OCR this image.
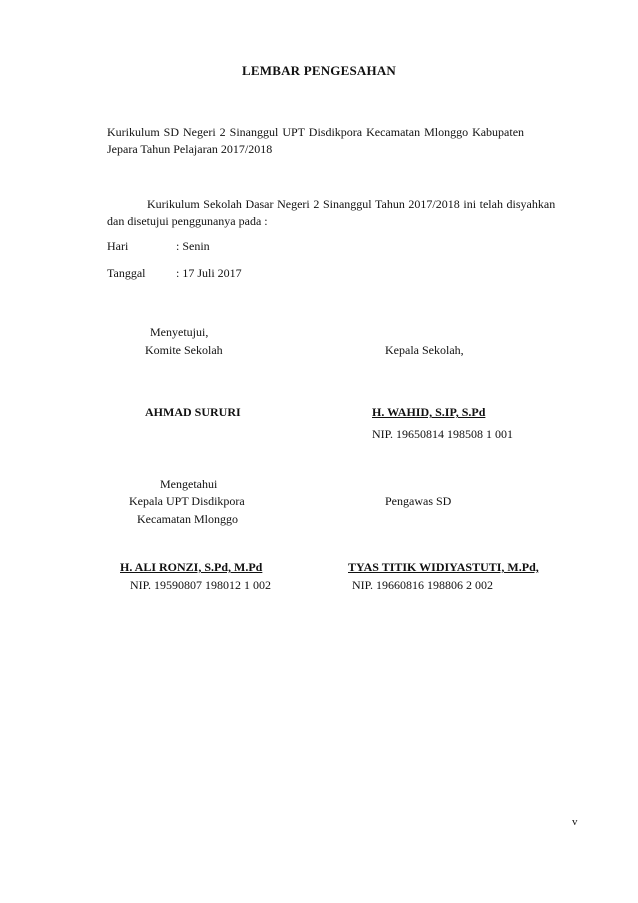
LEMBAR PENGESAHAN
Kurikulum SD Negeri 2 Sinanggul UPT Disdikpora Kecamatan Mlonggo Kabupaten
Jepara Tahun Pelajaran 2017/2018
Kurikulum Sekolah Dasar Negeri 2 Sinanggul Tahun 2017/2018 ini telah disyahkan
dan disetujui penggunanya pada :
Hari	: Senin
Tanggal	: 17 Juli 2017
Menyetujui,
Komite Sekolah	Kepala Sekolah,
AHMAD SURURI	H. WAHID, S.IP, S.Pd
NIP. 19650814 198508 1 001
Mengetahui
Kepala UPT Disdikpora	Pengawas SD
Kecamatan Mlonggo
H. ALI RONZI, S.Pd, M.Pd	TYAS TITIK WIDIYASTUTI, M.Pd,
NIP. 19590807 198012 1 002	NIP. 19660816 198806 2 002
v
